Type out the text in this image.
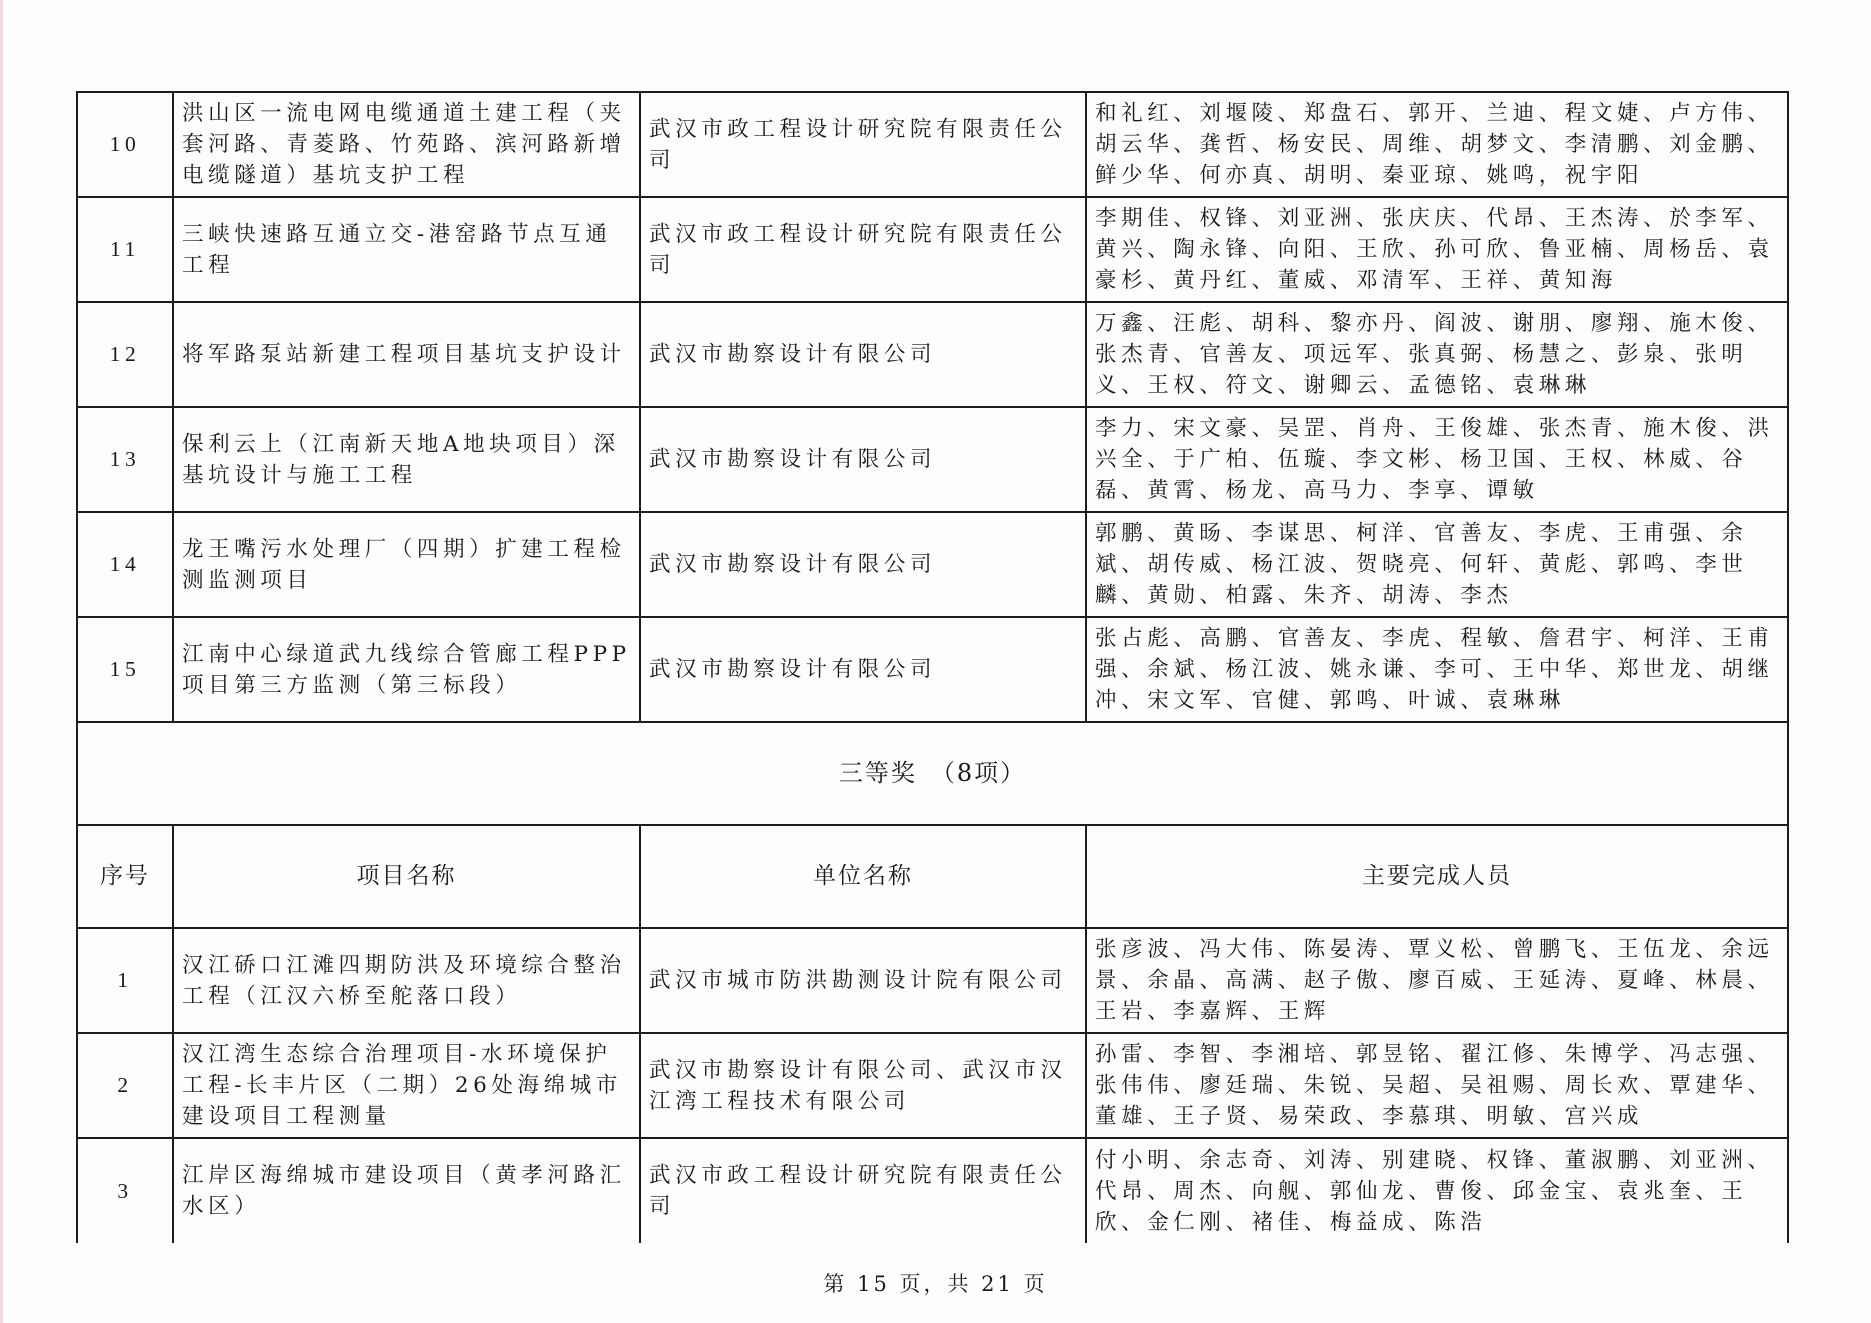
10	洪山区一流电网电缆通道土建工程（夹套河路、青菱路、竹苑路、滨河路新增电缆隧道）基坑支护工程	武汉市政工程设计研究院有限责任公司	和礼红、刘堰陵、郑盘石、郭开、兰迪、程文婕、卢方伟、胡云华、龚哲、杨安民、周维、胡梦文、李清鹏、刘金鹏、鲜少华、何亦真、胡明、秦亚琼、姚鸣，祝宇阳
11	三峡快速路互通立交-港窑路节点互通工程	武汉市政工程设计研究院有限责任公司	李期佳、权锋、刘亚洲、张庆庆、代昂、王杰涛、於李军、黄兴、陶永锋、向阳、王欣、孙可欣、鲁亚楠、周杨岳、袁豪杉、黄丹红、董威、邓清军、王祥、黄知海
12	将军路泵站新建工程项目基坑支护设计	武汉市勘察设计有限公司	万鑫、汪彪、胡科、黎亦丹、阎波、谢朋、廖翔、施木俊、张杰青、官善友、项远军、张真弼、杨慧之、彭泉、张明义、王权、符文、谢卿云、孟德铭、袁琳琳
13	保利云上（江南新天地A地块项目）深基坑设计与施工工程	武汉市勘察设计有限公司	李力、宋文豪、吴罡、肖舟、王俊雄、张杰青、施木俊、洪兴全、于广柏、伍璇、李文彬、杨卫国、王权、林威、谷磊、黄霄、杨龙、高马力、李享、谭敏
14	龙王嘴污水处理厂（四期）扩建工程检测监测项目	武汉市勘察设计有限公司	郭鹏、黄旸、李谋思、柯洋、官善友、李虎、王甫强、余斌、胡传威、杨江波、贺晓亮、何轩、黄彪、郭鸣、李世麟、黄勋、柏露、朱齐、胡涛、李杰
15	江南中心绿道武九线综合管廊工程PPP项目第三方监测（第三标段）	武汉市勘察设计有限公司	张占彪、高鹏、官善友、李虎、程敏、詹君宇、柯洋、王甫强、余斌、杨江波、姚永谦、李可、王中华、郑世龙、胡继冲、宋文军、官健、郭鸣、叶诚、袁琳琳
三等奖　（8项）			
序号	项目名称	单位名称	主要完成人员
1	汉江硚口江滩四期防洪及环境综合整治工程（江汉六桥至舵落口段）	武汉市城市防洪勘测设计院有限公司	张彦波、冯大伟、陈晏涛、覃义松、曾鹏飞、王伍龙、余远景、余晶、高满、赵子傲、廖百威、王延涛、夏峰、林晨、王岩、李嘉辉、王辉
2	汉江湾生态综合治理项目-水环境保护工程-长丰片区（二期）26处海绵城市建设项目工程测量	武汉市勘察设计有限公司、武汉市汉江湾工程技术有限公司	孙雷、李智、李湘培、郭昱铭、翟江修、朱博学、冯志强、张伟伟、廖廷瑞、朱锐、吴超、吴祖赐、周长欢、覃建华、董雄、王子贤、易荣政、李慕琪、明敏、宫兴成
3	江岸区海绵城市建设项目（黄孝河路汇水区）	武汉市政工程设计研究院有限责任公司	付小明、余志奇、刘涛、别建晓、权锋、董淑鹏、刘亚洲、代昂、周杰、向舰、郭仙龙、曹俊、邱金宝、袁兆奎、王欣、金仁刚、褚佳、梅益成、陈浩
第 15 页，共 21 页
